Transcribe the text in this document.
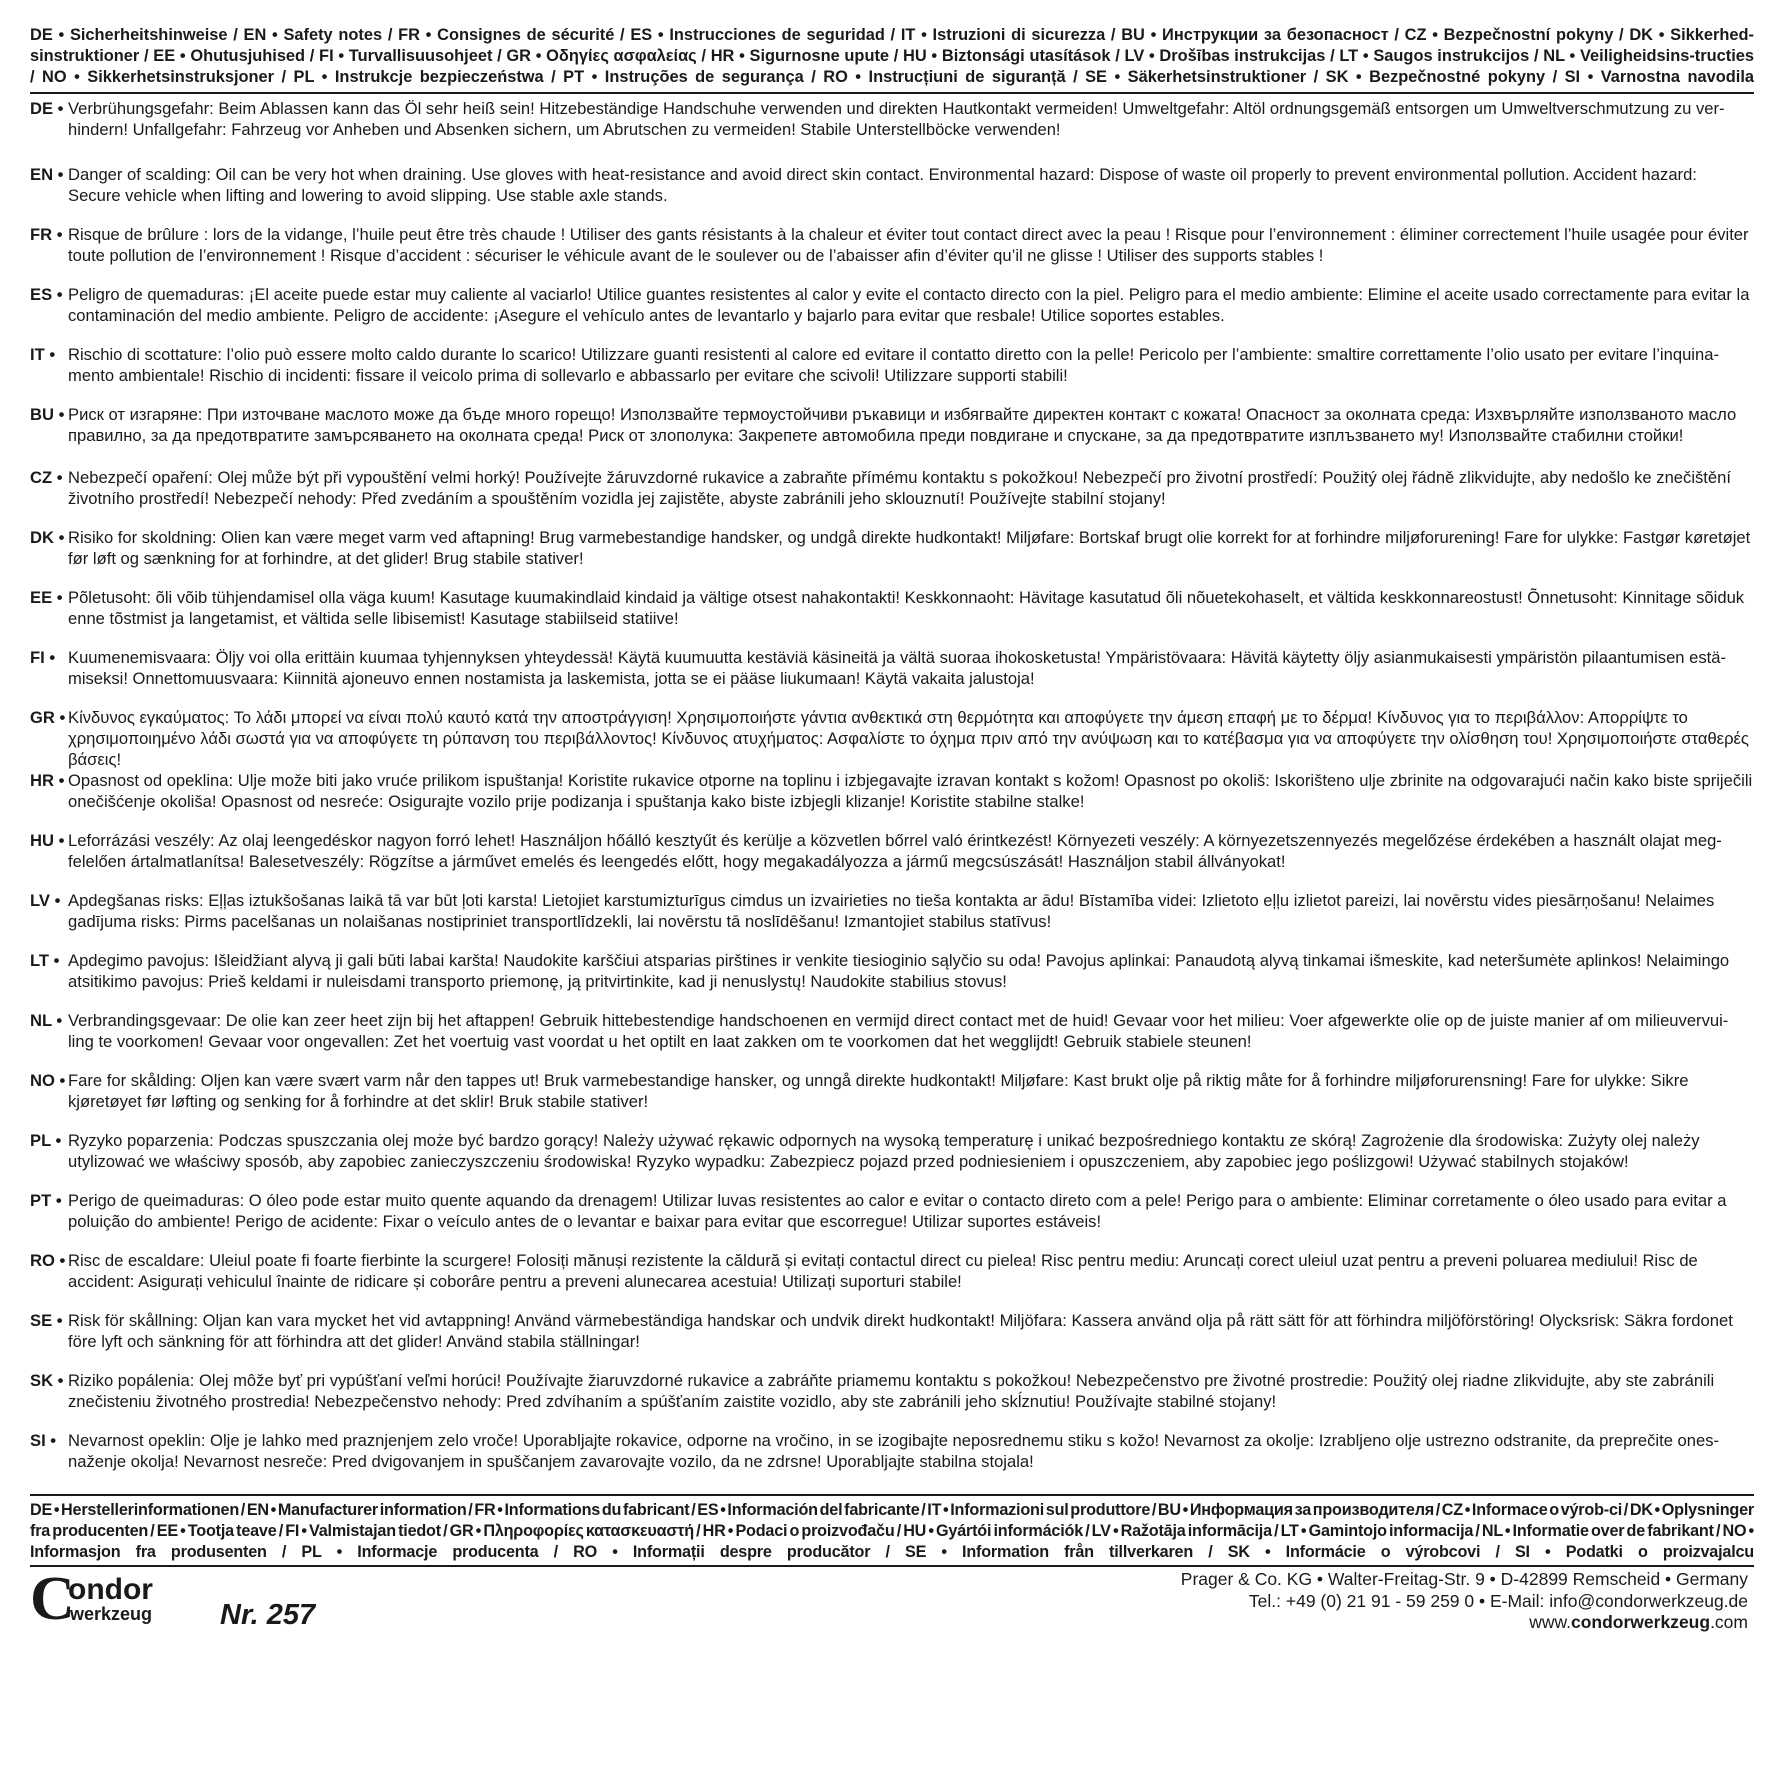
DE • Sicherheitshinweise / EN • Safety notes / FR • Consignes de sécurité / ES • Instrucciones de seguridad / IT • Istruzioni di sicurezza / BU • Инструкции за безопасност / CZ • Bezpečnostní pokyny / DK • Sikkerhed-sinstruktioner / EE • Ohutusjuhised / FI • Turvallisuusohjeet / GR • Οδηγίες ασφαλείας / HR • Sigurnosne upute / HU • Biztonsági utasítások / LV • Drošības instrukcijas / LT • Saugos instrukcijos / NL • Veiligheidsins-tructies / NO • Sikkerhetsinstruksjoner / PL • Instrukcje bezpieczeństwa / PT • Instruções de segurança / RO • Instrucțiuni de siguranță / SE • Säkerhetsinstruktioner / SK • Bezpečnostné pokyny / SI • Varnostna navodila
DE • Verbrühungsgefahr: Beim Ablassen kann das Öl sehr heiß sein! Hitzebeständige Handschuhe verwenden und direkten Hautkontakt vermeiden! Umweltgefahr: Altöl ordnungsgemäß entsorgen um Umweltverschmutzung zu ver-hindern! Unfallgefahr: Fahrzeug vor Anheben und Absenken sichern, um Abrutschen zu vermeiden! Stabile Unterstellböcke verwenden!
EN • Danger of scalding: Oil can be very hot when draining. Use gloves with heat-resistance and avoid direct skin contact. Environmental hazard: Dispose of waste oil properly to prevent environmental pollution. Accident hazard: Secure vehicle when lifting and lowering to avoid slipping. Use stable axle stands.
FR • Risque de brûlure : lors de la vidange, l’huile peut être très chaude ! Utiliser des gants résistants à la chaleur et éviter tout contact direct avec la peau ! Risque pour l’environnement : éliminer correctement l’huile usagée pour éviter toute pollution de l’environnement ! Risque d’accident : sécuriser le véhicule avant de le soulever ou de l’abaisser afin d’éviter qu’il ne glisse ! Utiliser des supports stables !
ES • Peligro de quemaduras: ¡El aceite puede estar muy caliente al vaciarlo! Utilice guantes resistentes al calor y evite el contacto directo con la piel. Peligro para el medio ambiente: Elimine el aceite usado correctamente para evitar la contaminación del medio ambiente. Peligro de accidente: ¡Asegure el vehículo antes de levantarlo y bajarlo para evitar que resbale! Utilice soportes estables.
IT • Rischio di scottature: l’olio può essere molto caldo durante lo scarico! Utilizzare guanti resistenti al calore ed evitare il contatto diretto con la pelle! Pericolo per l’ambiente: smaltire correttamente l’olio usato per evitare l’inquina-mento ambientale! Rischio di incidenti: fissare il veicolo prima di sollevarlo e abbassarlo per evitare che scivoli! Utilizzare supporti stabili!
BU • Риск от изгаряне: При източване маслото може да бъде много горещо! Използвайте термоустойчиви ръкавици и избягвайте директен контакт с кожата! Опасност за околната среда: Изхвърляйте използваното масло правилно, за да предотвратите замърсяването на околната среда! Риск от злополука: Закрепете автомобила преди повдигане и спускане, за да предотвратите изплъзването му! Използвайте стабилни стойки!
CZ • Nebezpečí opaření: Olej může být při vypouštění velmi horký! Používejte žáruvzdorné rukavice a zabraňte přímému kontaktu s pokožkou! Nebezpečí pro životní prostředí: Použitý olej řádně zlikvidujte, aby nedošlo ke znečištění životního prostředí! Nebezpečí nehody: Před zvedáním a spouštěním vozidla jej zajistěte, abyste zabránili jeho sklouznutí! Používejte stabilní stojany!
DK • Risiko for skoldning: Olien kan være meget varm ved aftapning! Brug varmebestandige handsker, og undgå direkte hudkontakt! Miljøfare: Bortskaf brugt olie korrekt for at forhindre miljøforurening! Fare for ulykke: Fastgør køretøjet før løft og sænkning for at forhindre, at det glider! Brug stabile stativer!
EE • Põletusoht: õli võib tühjendamisel olla väga kuum! Kasutage kuumakindlaid kindaid ja vältige otsest nahakontakti! Keskkonnaoht: Hävitage kasutatud õli nõuetekohaselt, et vältida keskkonnareostust! Õnnetusoht: Kinnitage sõiduk enne tõstmist ja langetamist, et vältida selle libisemist! Kasutage stabiilseid statiive!
FI • Kuumenemisvaara: Öljy voi olla erittäin kuumaa tyhjennyksen yhteydessä! Käytä kuumuutta kestäviä käsineitä ja vältä suoraa ihokosketusta! Ympäristövaara: Hävitä käytetty öljy asianmukaisesti ympäristön pilaantumisen estä-miseksi! Onnettomuusvaara: Kiinnitä ajoneuvo ennen nostamista ja laskemista, jotta se ei pääse liukumaan! Käytä vakaita jalustoja!
GR • Κίνδυνος εγκαύματος: Το λάδι μπορεί να είναι πολύ καυτό κατά την αποστράγγιση! Χρησιμοποιήστε γάντια ανθεκτικά στη θερμότητα και αποφύγετε την άμεση επαφή με το δέρμα! Κίνδυνος για το περιβάλλον: Απορρίψτε το χρησιμοποιημένο λάδι σωστά για να αποφύγετε τη ρύπανση του περιβάλλοντος! Κίνδυνος ατυχήματος: Ασφαλίστε το όχημα πριν από την ανύψωση και το κατέβασμα για να αποφύγετε την ολίσθηση του! Χρησιμοποιήστε σταθερές βάσεις!
HR • Opasnost od opeklina: Ulje može biti jako vruće prilikom ispuštanja! Koristite rukavice otporne na toplinu i izbjegavajte izravan kontakt s kožom! Opasnost po okoliš: Iskorišteno ulje zbrinite na odgovarajući način kako biste spriječili onečišćenje okoliša! Opasnost od nesreće: Osigurajte vozilo prije podizanja i spuštanja kako biste izbjegli klizanje! Koristite stabilne stalke!
HU • Leforrázási veszély: Az olaj leengedéskor nagyon forró lehet! Használjon hőálló kesztyűt és kerülje a közvetlen bőrrel való érintkezést! Környezeti veszély: A környezetszennyezés megelőzése érdekében a használt olajat meg-felelően ártalmatlanítsa! Balesetveszély: Rögzítse a járművet emelés és leengedés előtt, hogy megakadályozza a jármű megcsúszását! Használjon stabil állványokat!
LV • Apdegšanas risks: Eļļas iztukšošanas laikā tā var būt ļoti karsta! Lietojiet karstumizturīgus cimdus un izvairieties no tieša kontakta ar ādu! Bīstamība videi: Izlietoto eļļu izlietot pareizi, lai novērstu vides piesārņošanu! Nelaimes gadījuma risks: Pirms pacelšanas un nolaišanas nostipriniet transportlīdzekli, lai novērstu tā noslīdēšanu! Izmantojiet stabilus statīvus!
LT • Apdegimo pavojus: Išleidžiant alyvą ji gali būti labai karšta! Naudokite karščiui atsparias pirštines ir venkite tiesioginio sąlyčio su oda! Pavojus aplinkai: Panaudotą alyvą tinkamai išmeskite, kad neteršumėte aplinkos! Nelaimingo atsitikimo pavojus: Prieš keldami ir nuleisdami transporto priemonę, ją pritvirtinkite, kad ji nenuslystų! Naudokite stabilius stovus!
NL • Verbrandingsgevaar: De olie kan zeer heet zijn bij het aftappen! Gebruik hittebestendige handschoenen en vermijd direct contact met de huid! Gevaar voor het milieu: Voer afgewerkte olie op de juiste manier af om milieuvervui-ling te voorkomen! Gevaar voor ongevallen: Zet het voertuig vast voordat u het optilt en laat zakken om te voorkomen dat het wegglijdt! Gebruik stabiele steunen!
NO • Fare for skålding: Oljen kan være svært varm når den tappes ut! Bruk varmebestandige hansker, og unngå direkte hudkontakt! Miljøfare: Kast brukt olje på riktig måte for å forhindre miljøforurensning! Fare for ulykke: Sikre kjøretøyet før løfting og senking for å forhindre at det sklir! Bruk stabile stativer!
PL • Ryzyko poparzenia: Podczas spuszczania olej może być bardzo gorący! Należy używać rękawic odpornych na wysoką temperaturę i unikać bezpośredniego kontaktu ze skórą! Zagrożenie dla środowiska: Zużyty olej należy utylizować we właściwy sposób, aby zapobiec zanieczyszczeniu środowiska! Ryzyko wypadku: Zabezpiecz pojazd przed podniesieniem i opuszczeniem, aby zapobiec jego poślizgowi! Używać stabilnych stojaków!
PT • Perigo de queimaduras: O óleo pode estar muito quente aquando da drenagem! Utilizar luvas resistentes ao calor e evitar o contacto direto com a pele! Perigo para o ambiente: Eliminar corretamente o óleo usado para evitar a poluição do ambiente! Perigo de acidente: Fixar o veículo antes de o levantar e baixar para evitar que escorregue! Utilizar suportes estáveis!
RO • Risc de escaldare: Uleiul poate fi foarte fierbinte la scurgere! Folosiți mănuși rezistente la căldură și evitați contactul direct cu pielea! Risc pentru mediu: Aruncați corect uleiul uzat pentru a preveni poluarea mediului! Risc de accident: Asigurați vehiculul înainte de ridicare și coborâre pentru a preveni alunecarea acestuia! Utilizați suporturi stabile!
SE • Risk för skållning: Oljan kan vara mycket het vid avtappning! Använd värmebeständiga handskar och undvik direkt hudkontakt! Miljöfara: Kassera använd olja på rätt sätt för att förhindra miljöförstöring! Olycksrisk: Säkra fordonet före lyft och sänkning för att förhindra att det glider! Använd stabila ställningar!
SK • Riziko popálenia: Olej môže byť pri vypúšťaní veľmi horúci! Používajte žiaruvzdorné rukavice a zabráňte priamemu kontaktu s pokožkou! Nebezpečenstvo pre životné prostredie: Použitý olej riadne zlikvidujte, aby ste zabránili znečisteniu životného prostredia! Nebezpečenstvo nehody: Pred zdvíhaním a spúšťaním zaistite vozidlo, aby ste zabránili jeho skĺznutiu! Používajte stabilné stojany!
SI • Nevarnost opeklin: Olje je lahko med praznjenjem zelo vroče! Uporabljajte rokavice, odporne na vročino, in se izogibajte neposrednemu stiku s kožo! Nevarnost za okolje: Izrabljeno olje ustrezno odstranite, da preprečite ones-naženje okolja! Nevarnost nesreče: Pred dvigovanjem in spuščanjem zavarovajte vozilo, da ne zdrsne! Uporabljajte stabilna stojala!
DE • Herstellerinformationen / EN • Manufacturer information / FR • Informations du fabricant / ES • Información del fabricante / IT • Informazioni sul produttore / BU • Информация за производителя / CZ • Informace o výrob-ci / DK • Oplysninger fra producenten / EE • Tootja teave / FI • Valmistajan tiedot / GR • Πληροφορίες κατασκευαστή / HR • Podaci o proizvođaču / HU • Gyártói információk / LV • Ražotāja informācija / LT • Gamintojo informacija / NL • Informatie over de fabrikant / NO • Informasjon fra produsenten / PL • Informacje producenta / RO • Informații despre producător / SE • Information från tillverkaren / SK • Informácie o výrobcovi / SI • Podatki o proizvajalcu
C
ondor
werkzeug Nr. 257
Prager & Co. KG • Walter-Freitag-Str. 9 • D-42899 Remscheid • Germany
Tel.: +49 (0) 21 91 - 59 259 0 • E-Mail: info@condorwerkzeug.de
www.condorwerkzeug.com
